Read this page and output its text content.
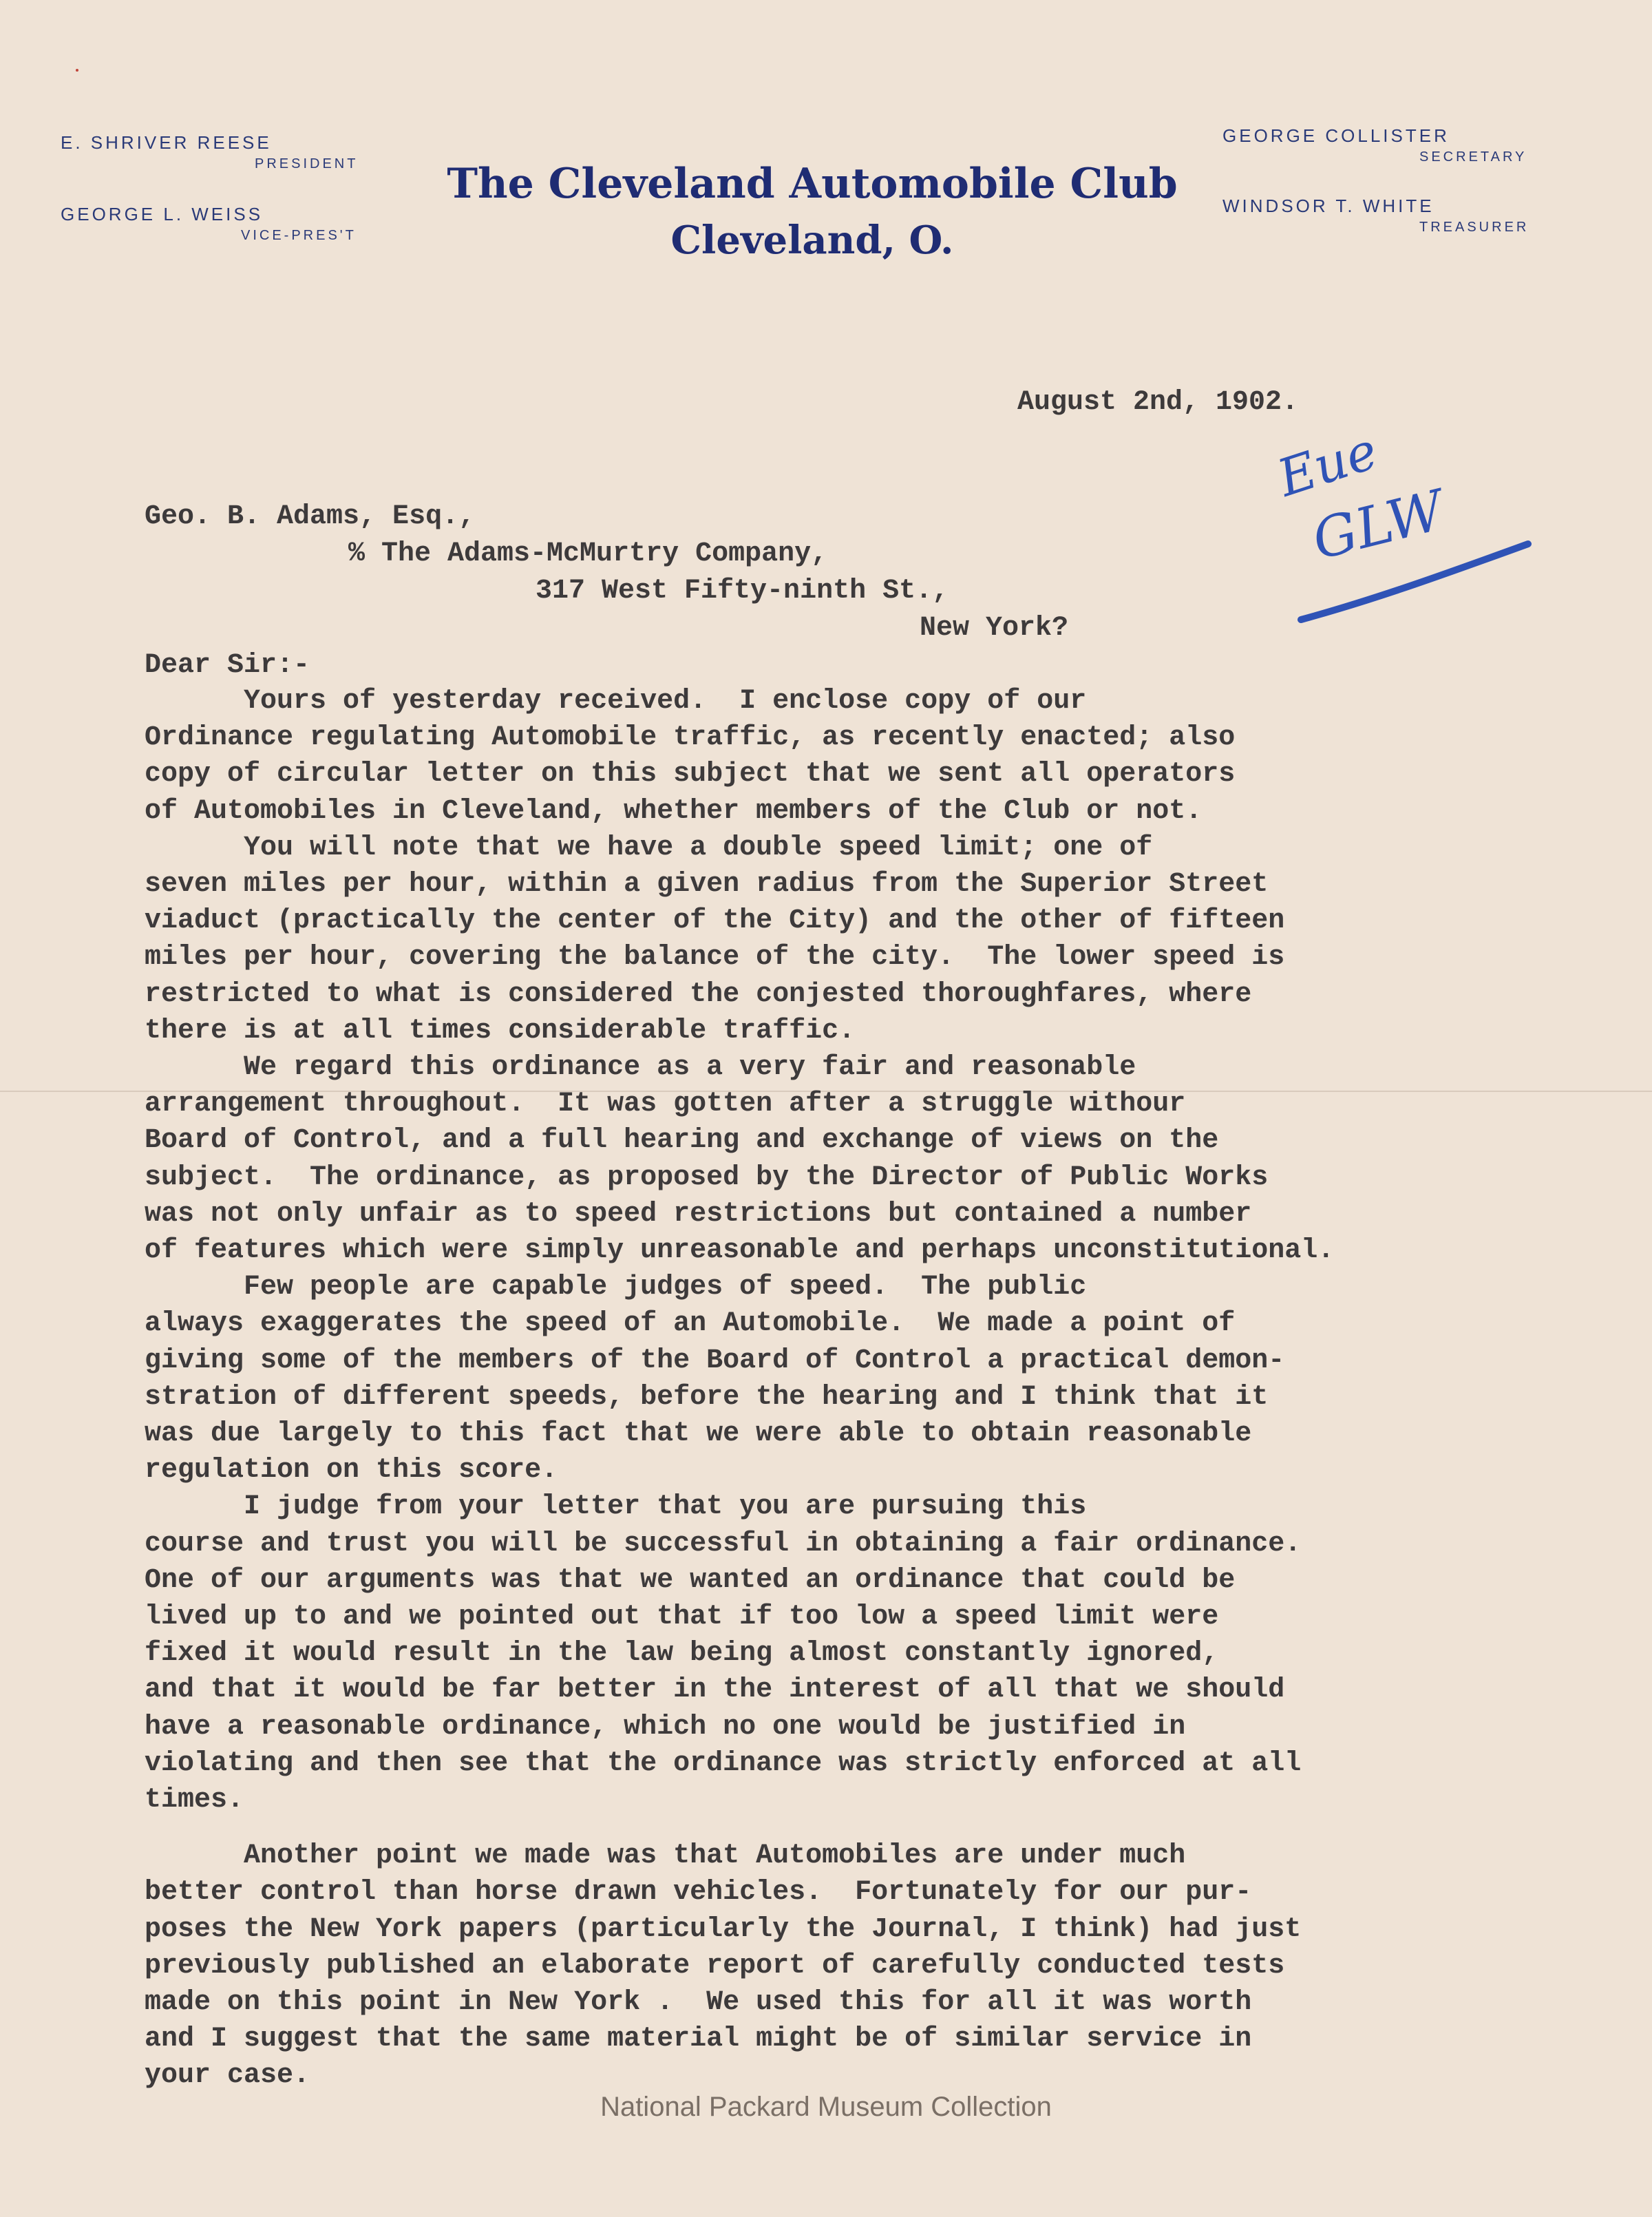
E. SHRIVER REESE
PRESIDENT
GEORGE L. WEISS
VICE-PRES'T
GEORGE COLLISTER
SECRETARY
WINDSOR T. WHITE
TREASURER
The Cleveland Automobile Club
Cleveland, O.
August 2nd, 1902.
Eue
GLW
Geo. B. Adams, Esq.,
% The Adams-McMurtry Company,
317 West Fifty-ninth St.,
New York?
Dear Sir:-
Yours of yesterday received.  I enclose copy of our
Ordinance regulating Automobile traffic, as recently enacted; also
copy of circular letter on this subject that we sent all operators
of Automobiles in Cleveland, whether members of the Club or not.
You will note that we have a double speed limit; one of
seven miles per hour, within a given radius from the Superior Street
viaduct (practically the center of the City) and the other of fifteen
miles per hour, covering the balance of the city.  The lower speed is
restricted to what is considered the conjested thoroughfares, where
there is at all times considerable traffic.
We regard this ordinance as a very fair and reasonable
arrangement throughout.  It was gotten after a struggle withour
Board of Control, and a full hearing and exchange of views on the
subject.  The ordinance, as proposed by the Director of Public Works
was not only unfair as to speed restrictions but contained a number
of features which were simply unreasonable and perhaps unconstitutional.
Few people are capable judges of speed.  The public
always exaggerates the speed of an Automobile.  We made a point of
giving some of the members of the Board of Control a practical demon-
stration of different speeds, before the hearing and I think that it
was due largely to this fact that we were able to obtain reasonable
regulation on this score.
I judge from your letter that you are pursuing this
course and trust you will be successful in obtaining a fair ordinance.
One of our arguments was that we wanted an ordinance that could be
lived up to and we pointed out that if too low a speed limit were
fixed it would result in the law being almost constantly ignored,
and that it would be far better in the interest of all that we should
have a reasonable ordinance, which no one would be justified in
violating and then see that the ordinance was strictly enforced at all
times.
Another point we made was that Automobiles are under much
better control than horse drawn vehicles.  Fortunately for our pur-
poses the New York papers (particularly the Journal, I think) had just
previously published an elaborate report of carefully conducted tests
made on this point in New York .  We used this for all it was worth
and I suggest that the same material might be of similar service in
your case.
National Packard Museum Collection
